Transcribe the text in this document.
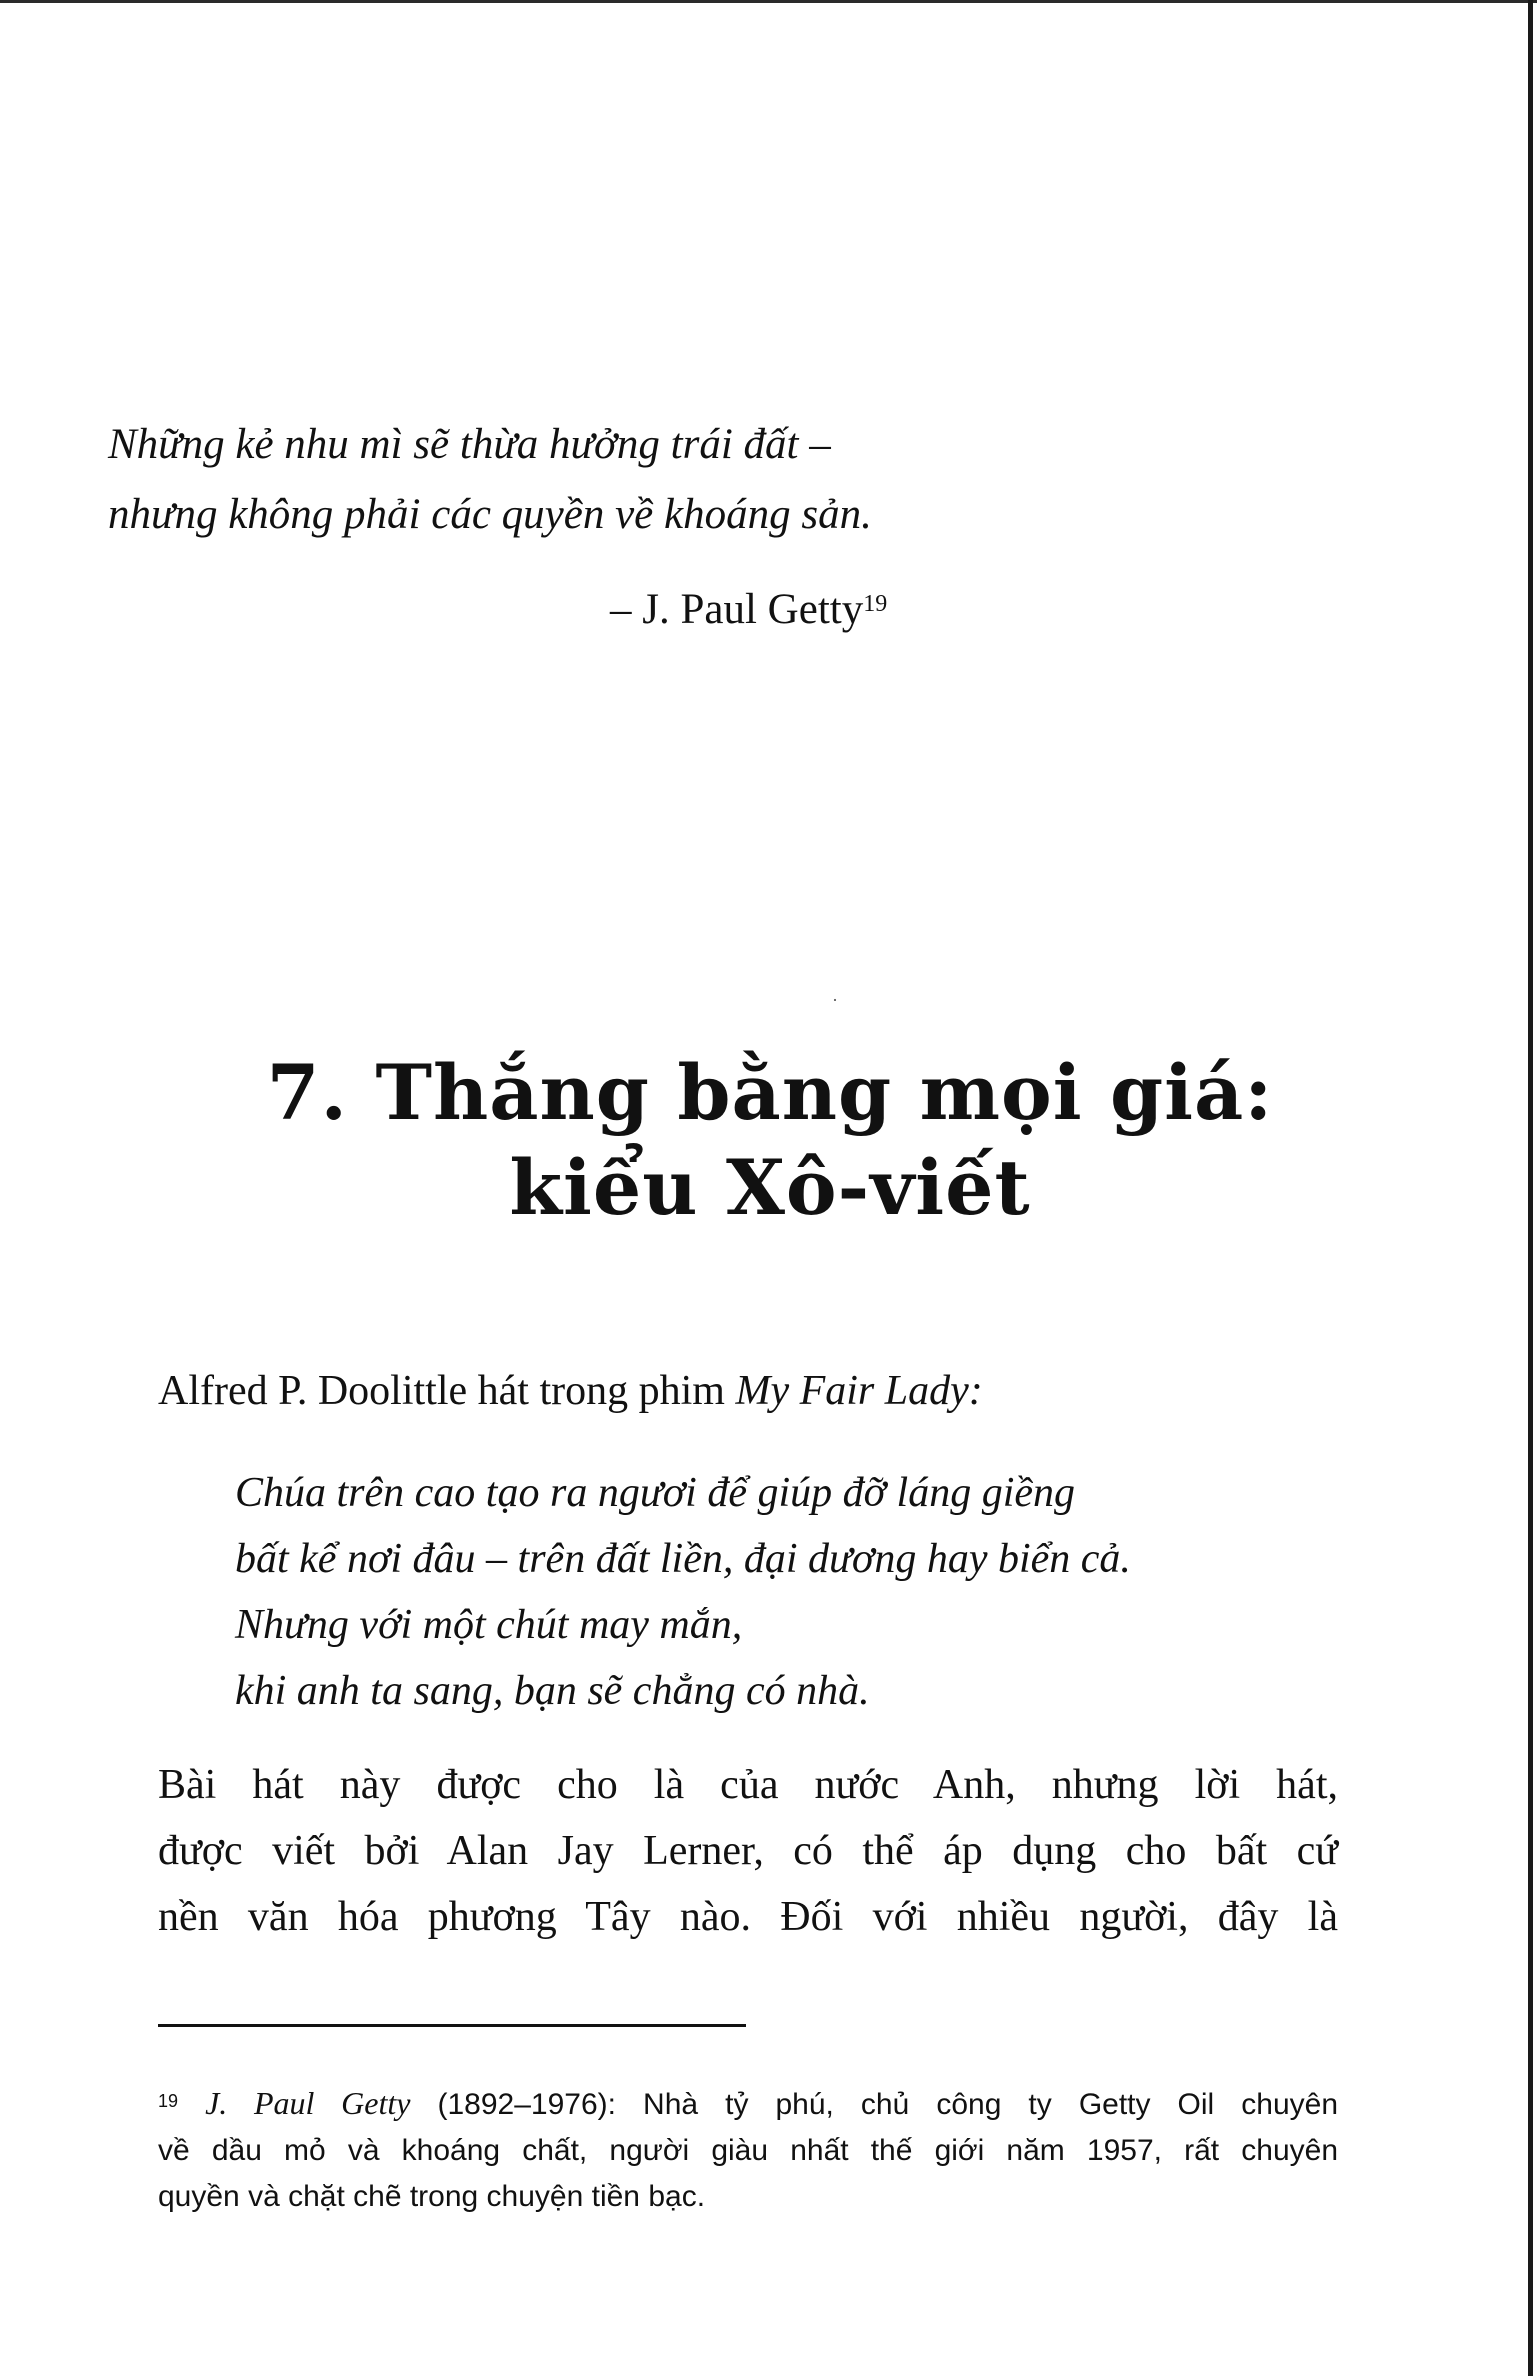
Những kẻ nhu mì sẽ thừa hưởng trái đất –
nhưng không phải các quyền về khoáng sản.
– J. Paul Getty$^{19}$
·
7. Thắng bằng mọi giá:
kiểu Xô-viết
Alfred P. Doolittle hát trong phim My Fair Lady:
Chúa trên cao tạo ra ngươi để giúp đỡ láng giềng
bất kể nơi đâu – trên đất liền, đại dương hay biển cả.
Nhưng với một chút may mắn,
khi anh ta sang, bạn sẽ chẳng có nhà.
Bài hát này được cho là của nước Anh, nhưng lời hát,
được viết bởi Alan Jay Lerner, có thể áp dụng cho bất cứ
nền văn hóa phương Tây nào. Đối với nhiều người, đây là
$^{19}$ J. Paul Getty (1892–1976): Nhà tỷ phú, chủ công ty Getty Oil chuyên
về dầu mỏ và khoáng chất, người giàu nhất thế giới năm 1957, rất chuyên
quyền và chặt chẽ trong chuyện tiền bạc.
